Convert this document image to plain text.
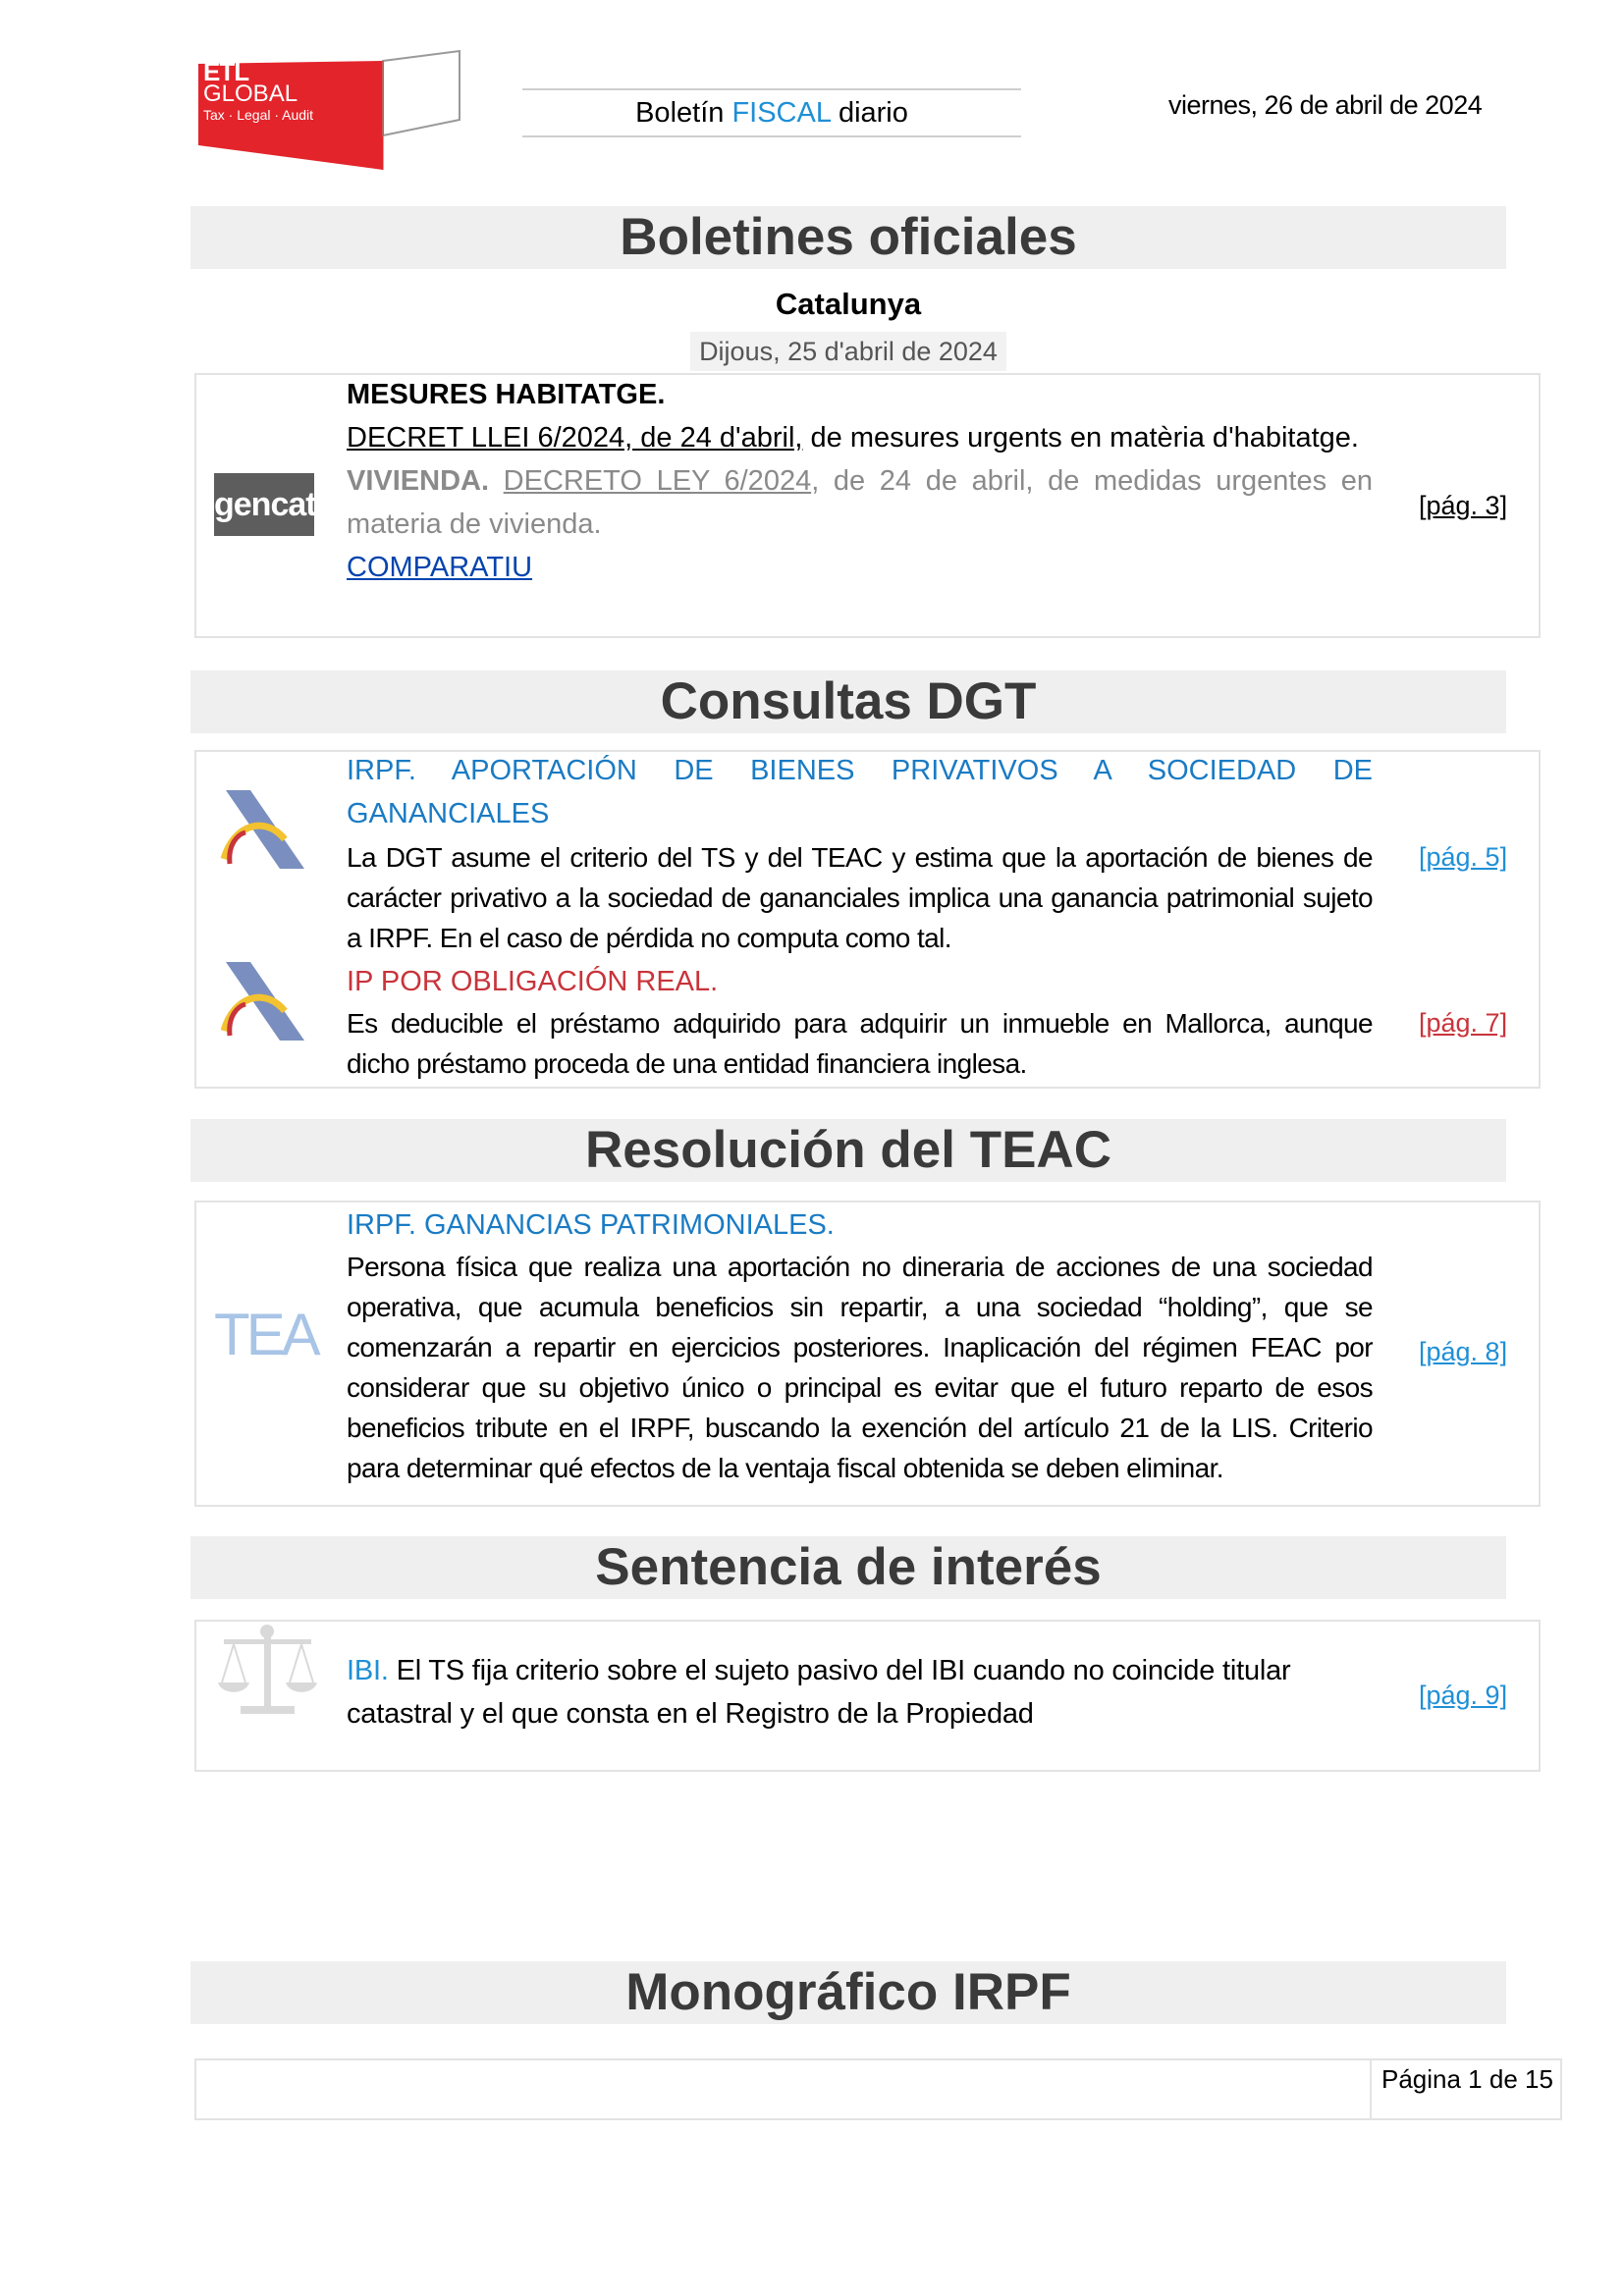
ETL
GLOBAL
Tax · Legal · Audit	Boletín FISCAL diario	viernes, 26 de abril de 2024
Boletines oficiales
Catalunya
Dijous, 25 d'abril de 2024
gencat
MESURES HABITATGE.
DECRET LLEI 6/2024, de 24 d'abril, de mesures urgents en matèria d'habitatge.
VIVIENDA. DECRETO LEY 6/2024, de 24 de abril, de medidas urgentes en materia de vivienda.
COMPARATIU
[pág. 3]
Consultas DGT
IRPF. APORTACIÓN DE BIENES PRIVATIVOS A SOCIEDAD DE GANANCIALES
La DGT asume el criterio del TS y del TEAC y estima que la aportación de bienes de carácter privativo a la sociedad de gananciales implica una ganancia patrimonial sujeto a IRPF. En el caso de pérdida no computa como tal.
[pág. 5]
IP POR OBLIGACIÓN REAL.
Es deducible el préstamo adquirido para adquirir un inmueble en Mallorca, aunque dicho préstamo proceda de una entidad financiera inglesa.
[pág. 7]
Resolución del TEAC
TEA
IRPF. GANANCIAS PATRIMONIALES.
Persona física que realiza una aportación no dineraria de acciones de una sociedad operativa, que acumula beneficios sin repartir, a una sociedad “holding”, que se comenzarán a repartir en ejercicios posteriores. Inaplicación del régimen FEAC por considerar que su objetivo único o principal es evitar que el futuro reparto de esos beneficios tribute en el IRPF, buscando la exención del artículo 21 de la LIS. Criterio para determinar qué efectos de la ventaja fiscal obtenida se deben eliminar.
[pág. 8]
Sentencia de interés
IBI. El TS fija criterio sobre el sujeto pasivo del IBI cuando no coincide titular catastral y el que consta en el Registro de la Propiedad
[pág. 9]
Monográfico IRPF
Página 1 de 15
